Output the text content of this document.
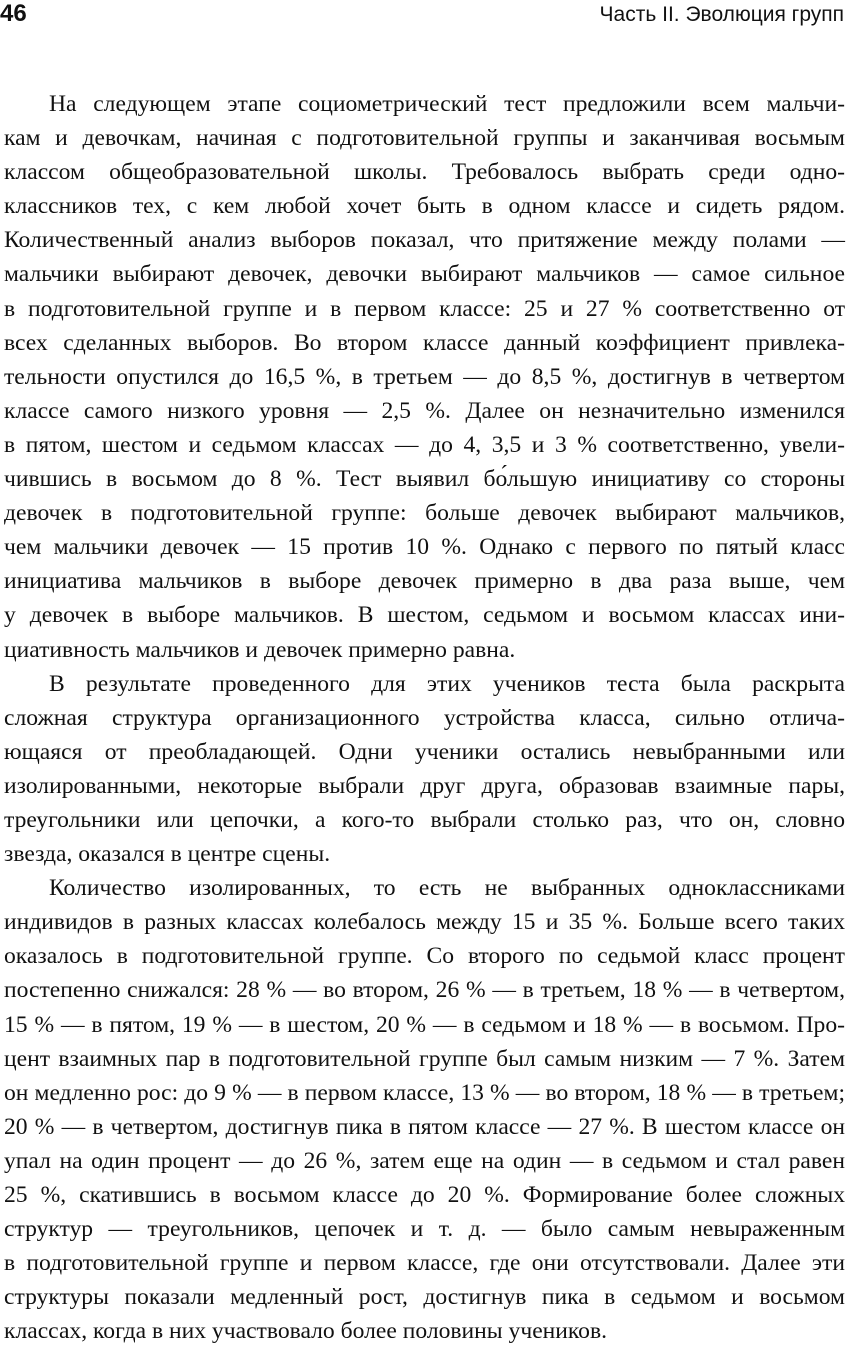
46	Часть II. Эволюция групп
На следующем этапе социометрический тест предложили всем мальчи-
кам и девочкам, начиная с подготовительной группы и заканчивая восьмым
классом общеобразовательной школы. Требовалось выбрать среди одно-
классников тех, с кем любой хочет быть в одном классе и сидеть рядом.
Количественный анализ выборов показал, что притяжение между полами —
мальчики выбирают девочек, девочки выбирают мальчиков — самое сильное
в подготовительной группе и в первом классе: 25 и 27 % соответственно от
всех сделанных выборов. Во втором классе данный коэффициент привлека-
тельности опустился до 16,5 %, в третьем — до 8,5 %, достигнув в четвертом
классе самого низкого уровня — 2,5 %. Далее он незначительно изменился
в пятом, шестом и седьмом классах — до 4, 3,5 и 3 % соответственно, увели-
чившись в восьмом до 8 %. Тест выявил бо́льшую инициативу со стороны
девочек в подготовительной группе: больше девочек выбирают мальчиков,
чем мальчики девочек — 15 против 10 %. Однако с первого по пятый класс
инициатива мальчиков в выборе девочек примерно в два раза выше, чем
у девочек в выборе мальчиков. В шестом, седьмом и восьмом классах ини-
циативность мальчиков и девочек примерно равна.
В результате проведенного для этих учеников теста была раскрыта
сложная структура организационного устройства класса, сильно отлича-
ющаяся от преобладающей. Одни ученики остались невыбранными или
изолированными, некоторые выбрали друг друга, образовав взаимные пары,
треугольники или цепочки, а кого-то выбрали столько раз, что он, словно
звезда, оказался в центре сцены.
Количество изолированных, то есть не выбранных одноклассниками
индивидов в разных классах колебалось между 15 и 35 %. Больше всего таких
оказалось в подготовительной группе. Со второго по седьмой класс процент
постепенно снижался: 28 % — во втором, 26 % — в третьем, 18 % — в четвертом,
15 % — в пятом, 19 % — в шестом, 20 % — в седьмом и 18 % — в восьмом. Про-
цент взаимных пар в подготовительной группе был самым низким — 7 %. Затем
он медленно рос: до 9 % — в первом классе, 13 % — во втором, 18 % — в третьем;
20 % — в четвертом, достигнув пика в пятом классе — 27 %. В шестом классе он
упал на один процент — до 26 %, затем еще на один — в седьмом и стал равен
25 %, скатившись в восьмом классе до 20 %. Формирование более сложных
структур — треугольников, цепочек и т. д. — было самым невыраженным
в подготовительной группе и первом классе, где они отсутствовали. Далее эти
структуры показали медленный рост, достигнув пика в седьмом и восьмом
классах, когда в них участвовало более половины учеников.
